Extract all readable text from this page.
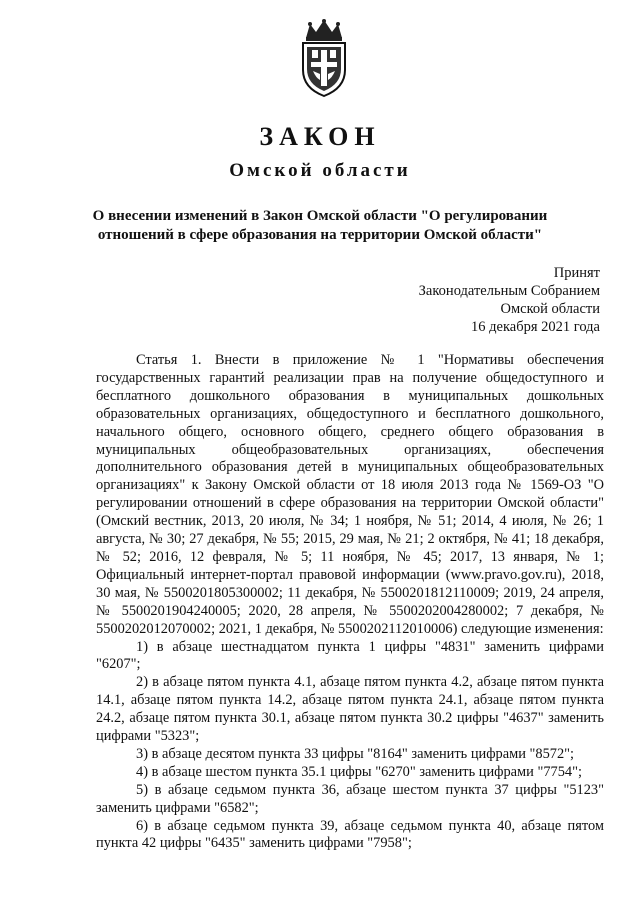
ЗАКОН
Омской области
О внесении изменений в Закон Омской области "О регулировании
отношений в сфере образования на территории Омской области"
Принят
Законодательным Собранием
Омской области
16 декабря 2021 года

Статья 1. Внести в приложение № 1 "Нормативы обеспечения государственных гарантий реализации прав на получение общедоступного и бесплатного дошкольного образования в муниципальных дошкольных образовательных организациях, общедоступного и бесплатного дошкольного, начального общего, основного общего, среднего общего образования в муниципальных общеобразовательных организациях, обеспечения дополнительного образования детей в муниципальных общеобразовательных организациях" к Закону Омской области от 18 июля 2013 года № 1569-ОЗ "О регулировании отношений в сфере образования на территории Омской области" (Омский вестник, 2013, 20 июля, № 34; 1 ноября, № 51; 2014, 4 июля, № 26; 1 августа, № 30; 27 декабря, № 55; 2015, 29 мая, № 21; 2 октября, № 41; 18 декабря, № 52; 2016, 12 февраля, № 5; 11 ноября, № 45; 2017, 13 января, № 1; Официальный интернет-портал правовой информации (www.pravo.gov.ru), 2018, 30 мая, № 5500201805300002; 11 декабря, № 5500201812110009; 2019, 24 апреля, № 5500201904240005; 2020, 28 апреля, № 5500202004280002; 7 декабря, № 5500202012070002; 2021, 1 декабря, № 5500202112010006) следующие изменения:

1) в абзаце шестнадцатом пункта 1 цифры "4831" заменить цифрами "6207";

2) в абзаце пятом пункта 4.1, абзаце пятом пункта 4.2, абзаце пятом пункта 14.1, абзаце пятом пункта 14.2, абзаце пятом пункта 24.1, абзаце пятом пункта 24.2, абзаце пятом пункта 30.1, абзаце пятом пункта 30.2 цифры "4637" заменить цифрами "5323";

3) в абзаце десятом пункта 33 цифры "8164" заменить цифрами "8572";

4) в абзаце шестом пункта 35.1 цифры "6270" заменить цифрами "7754";

5) в абзаце седьмом пункта 36, абзаце шестом пункта 37 цифры "5123" заменить цифрами "6582";

6) в абзаце седьмом пункта 39, абзаце седьмом пункта 40, абзаце пятом пункта 42 цифры "6435" заменить цифрами "7958";
